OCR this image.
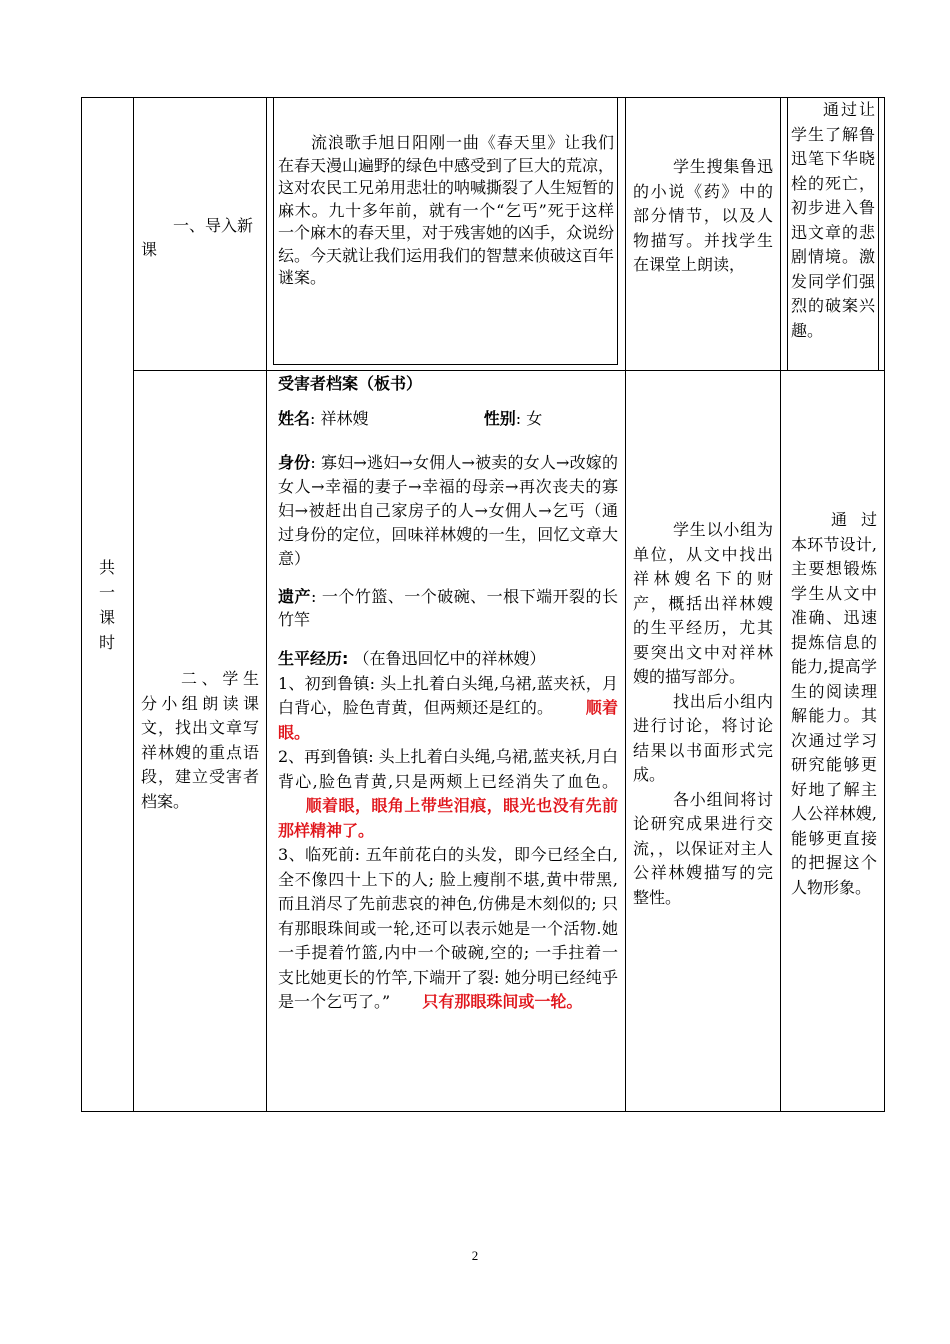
共一课时
一、导入新课
流浪歌手旭日阳刚一曲《春天里》让我们在春天漫山遍野的绿色中感受到了巨大的荒凉，这对农民工兄弟用悲壮的呐喊撕裂了人生短暂的麻木。九十多年前，就有一个“乞丐”死于这样一个麻木的春天里，对于残害她的凶手，众说纷纭。今天就让我们运用我们的智慧来侦破这百年谜案。
学生搜集鲁迅的小说《药》中的部分情节，以及人物描写。并找学生在课堂上朗读，
通过让学生了解鲁迅笔下华晓栓的死亡，初步进入鲁迅文章的悲剧情境。激发同学们强烈的破案兴趣。
二、学生分小组朗读课文，找出文章写祥林嫂的重点语段，建立受害者档案。

受害者档案（板书）

姓名: 祥林嫂	性别: 女

身份: 寡妇→逃妇→女佣人→被卖的女人→改嫁的女人→幸福的妻子→幸福的母亲→再次丧夫的寡妇→被赶出自己家房子的人→女佣人→乞丐（通过身份的定位，回味祥林嫂的一生，回忆文章大意）

遗产: 一个竹篮、一个破碗、一根下端开裂的长竹竿

生平经历: （在鲁迅回忆中的祥林嫂）

1、初到鲁镇: 头上扎着白头绳,乌裙,蓝夹袄，月白背心，脸色青黄，但两颊还是红的。 顺着眼。

2、再到鲁镇: 头上扎着白头绳,乌裙,蓝夹袄,月白背心,脸色青黄,只是两颊上已经消失了血色。  顺着眼，眼角上带些泪痕，眼光也没有先前那样精神了。

3、临死前: 五年前花白的头发，即今已经全白,全不像四十上下的人; 脸上瘦削不堪,黄中带黑,而且消尽了先前悲哀的神色,仿佛是木刻似的; 只有那眼珠间或一轮,还可以表示她是一个活物.她一手提着竹篮,内中一个破碗,空的; 一手拄着一支比她更长的竹竿,下端开了裂: 她分明已经纯乎是一个乞丐了。” 只有那眼珠间或一轮。

学生以小组为单位，从文中找出祥林嫂名下的财产，概括出祥林嫂的生平经历，尤其要突出文中对祥林嫂的描写部分。

找出后小组内进行讨论，将讨论结果以书面形式完成。

各小组间将讨论研究成果进行交流，，以保证对主人公祥林嫂描写的完整性。

通过本环节设计,主要想锻炼学生从文中准确、迅速提炼信息的能力,提高学生的阅读理解能力。其次通过学习研究能够更好地了解主人公祥林嫂,能够更直接的把握这个人物形象。
2
